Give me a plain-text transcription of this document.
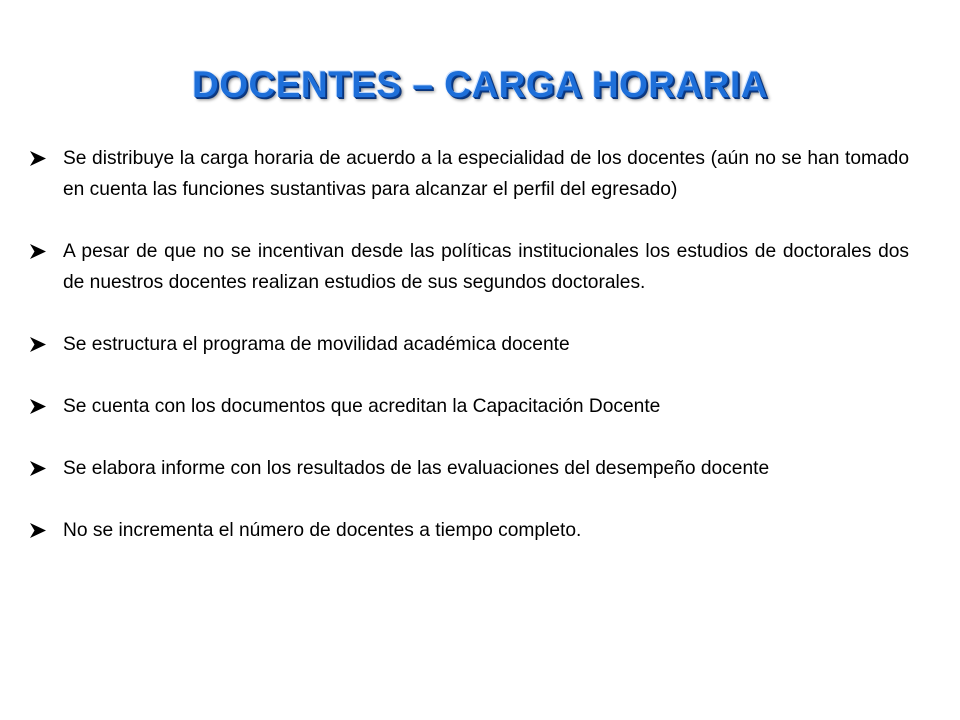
DOCENTES – CARGA HORARIA
Se distribuye la carga horaria de acuerdo a la especialidad de los docentes (aún no se han tomado en cuenta las funciones sustantivas para alcanzar el perfil del egresado)
A pesar de que no se incentivan desde las políticas institucionales los estudios de doctorales dos de nuestros docentes realizan estudios de sus segundos doctorales.
Se estructura el programa de movilidad académica docente
Se cuenta con los documentos que acreditan la Capacitación Docente
Se elabora informe con los resultados de las evaluaciones del desempeño docente
No se incrementa el número de docentes a tiempo completo.
